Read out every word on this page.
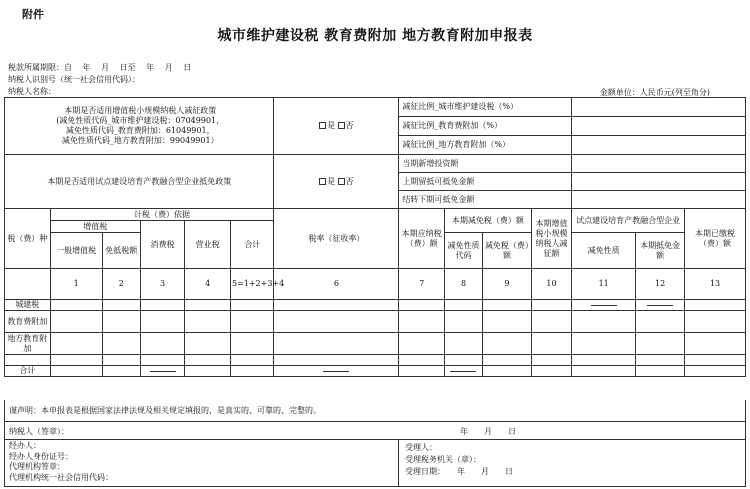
附件
城市维护建设税 教育费附加 地方教育附加申报表
税款所属期限：自　 年　 月　 日至　 年　 月　 日
纳税人识别号（统一社会信用代码）：
纳税人名称：	金额单位：人民币元(列至角分)
本期是否适用增值税小规模纳税人减征政策
(减免性质代码_城市维护建设税：07049901，
减免性质代码_教育费附加：61049901，
减免性质代码_地方教育附加：99049901）						是 否	减征比例_城市维护建设税（%）						
							减征比例_教育费附加（%）						
							减征比例_地方教育附加（%）						
本期是否适用试点建设培育产教融合型企业抵免政策						是 否	当期新增投资额						
							上期留抵可抵免金额						
							结转下期可抵免金额						
税（费）种	计税（费）依据					税率（征收率）	本期应纳税（费）额	本期减免税（费）额		本期增值税小规模纳税人减征额	试点建设培育产教融合型企业		本期已缴税（费）额
	增值税		消费税	营业税	合计								
	一般增值税	免抵税额						减免性质代码	减免税（费）额		减免性质	本期抵免金额	
	1	2	3	4	5=1+2+3+4	6	7	8	9	10	11	12	13
城建税													
教育费附加													
地方教育附加													

合计													
谨声明：本申报表是根据国家法律法规及相关规定填报的，是真实的、可靠的、完整的。
纳税人（签章）：	年　　月　　日
经办人：
经办人身份证号：
代理机构签章：
代理机构统一社会信用代码：
受理人：
受理税务机关（章）：
受理日期：　　年　　月　　日
